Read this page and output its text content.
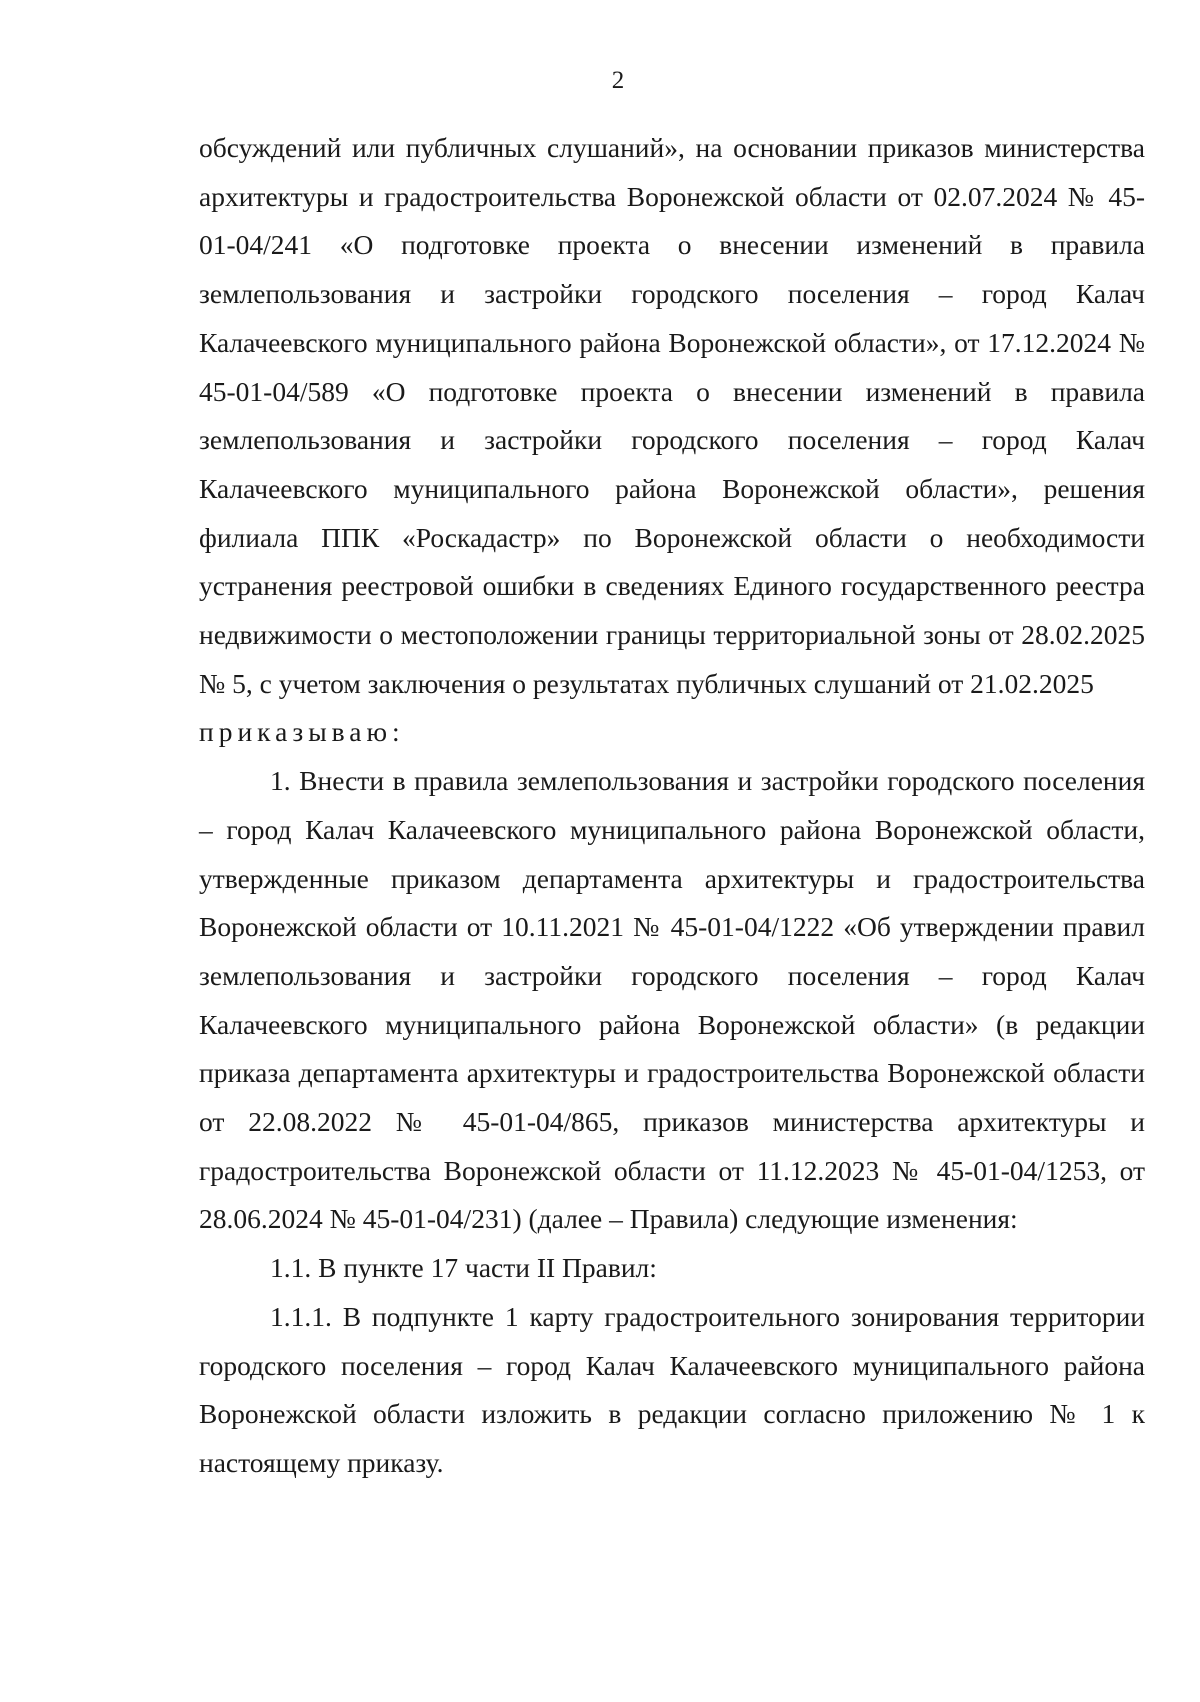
2

обсуждений или публичных слушаний», на основании приказов министерства архитектуры и градостроительства Воронежской области от 02.07.2024 № 45-01-04/241 «О подготовке проекта о внесении изменений в правила землепользования и застройки городского поселения – город Калач Калачеевского муниципального района Воронежской области», от 17.12.2024 № 45-01-04/589 «О подготовке проекта о внесении изменений в правила землепользования и застройки городского поселения – город Калач Калачеевского муниципального района Воронежской области», решения филиала ППК «Роскадастр» по Воронежской области о необходимости устранения реестровой ошибки в сведениях Единого государственного реестра недвижимости о местоположении границы территориальной зоны от 28.02.2025 № 5, с учетом заключения о результатах публичных слушаний от 21.02.2025

приказываю:

1. Внести в правила землепользования и застройки городского поселения – город Калач Калачеевского муниципального района Воронежской области, утвержденные приказом департамента архитектуры и градостроительства Воронежской области от 10.11.2021 № 45-01-04/1222 «Об утверждении правил землепользования и застройки городского поселения – город Калач Калачеевского муниципального района Воронежской области» (в редакции приказа департамента архитектуры и градостроительства Воронежской области от 22.08.2022 № 45-01-04/865, приказов министерства архитектуры и градостроительства Воронежской области от 11.12.2023 № 45-01-04/1253, от 28.06.2024 № 45-01-04/231) (далее – Правила) следующие изменения:

1.1. В пункте 17 части II Правил:

1.1.1. В подпункте 1 карту градостроительного зонирования территории городского поселения – город Калач Калачеевского муниципального района Воронежской области изложить в редакции согласно приложению № 1 к настоящему приказу.
